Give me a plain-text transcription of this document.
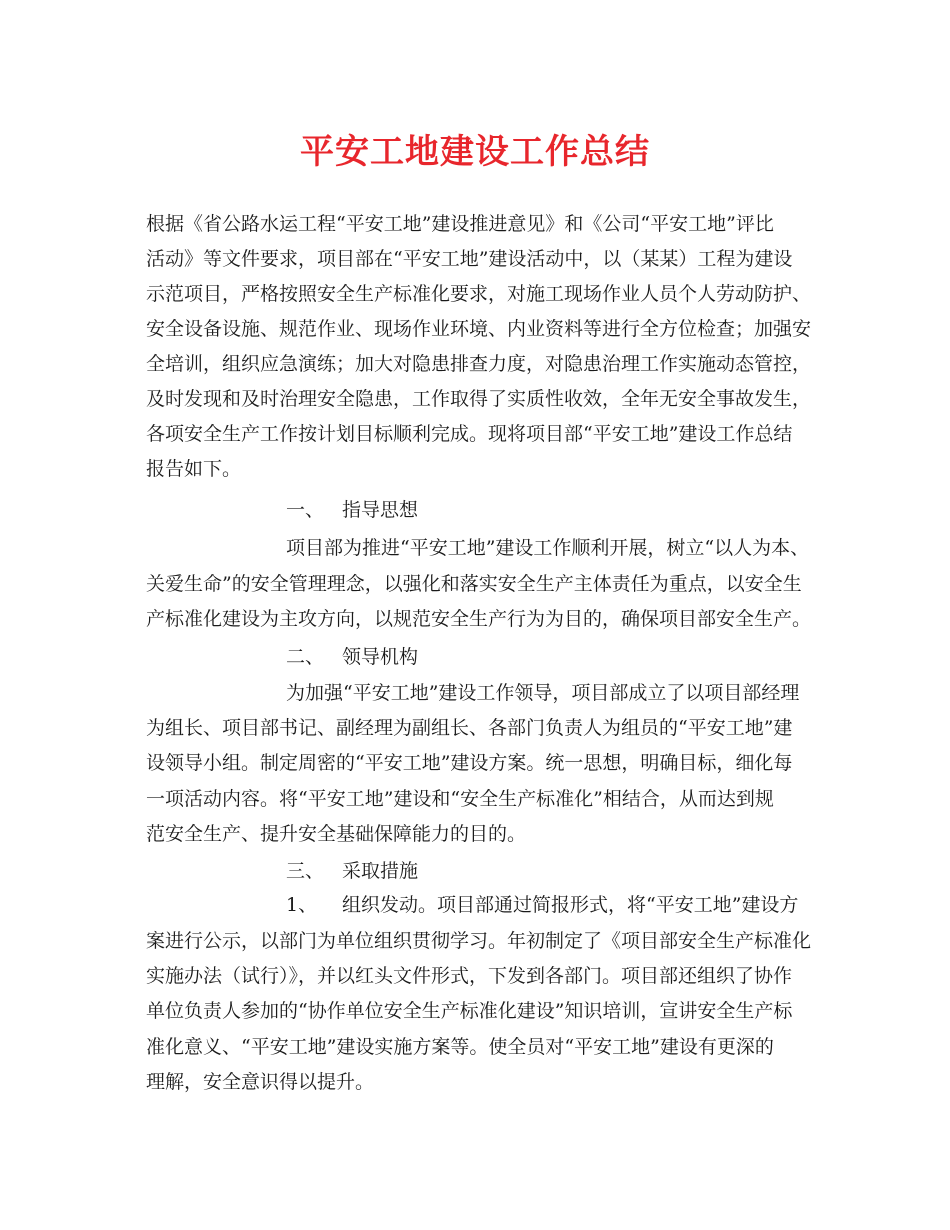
平安工地建设工作总结
根据《省公路水运工程“平安工地”建设推进意见》和《公司“平安工地”评比
活动》等文件要求，项目部在“平安工地”建设活动中，以（某某）工程为建设
示范项目，严格按照安全生产标准化要求，对施工现场作业人员个人劳动防护、
安全设备设施、规范作业、现场作业环境、内业资料等进行全方位检查；加强安
全培训，组织应急演练；加大对隐患排查力度，对隐患治理工作实施动态管控，
及时发现和及时治理安全隐患，工作取得了实质性收效，全年无安全事故发生，
各项安全生产工作按计划目标顺利完成。现将项目部“平安工地”建设工作总结
报告如下。
一、 指导思想
项目部为推进“平安工地”建设工作顺利开展，树立“以人为本、
关爱生命”的安全管理理念，以强化和落实安全生产主体责任为重点，以安全生
产标准化建设为主攻方向，以规范安全生产行为为目的，确保项目部安全生产。
二、 领导机构
为加强“平安工地”建设工作领导，项目部成立了以项目部经理
为组长、项目部书记、副经理为副组长、各部门负责人为组员的“平安工地”建
设领导小组。制定周密的“平安工地”建设方案。统一思想，明确目标，细化每
一项活动内容。将“平安工地”建设和“安全生产标准化”相结合，从而达到规
范安全生产、提升安全基础保障能力的目的。
三、 采取措施
1、 组织发动。项目部通过简报形式，将“平安工地”建设方
案进行公示，以部门为单位组织贯彻学习。年初制定了《项目部安全生产标准化
实施办法（试行）》，并以红头文件形式，下发到各部门。项目部还组织了协作
单位负责人参加的“协作单位安全生产标准化建设”知识培训，宣讲安全生产标
准化意义、“平安工地”建设实施方案等。使全员对“平安工地”建设有更深的
理解，安全意识得以提升。
